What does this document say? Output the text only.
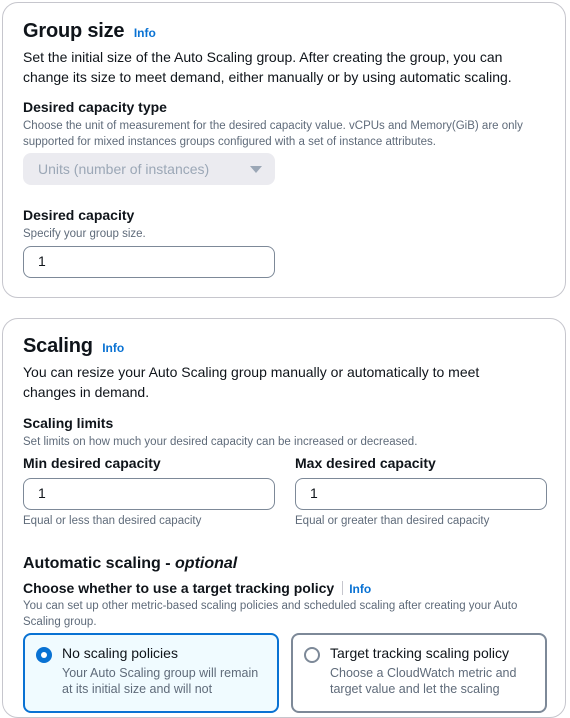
Group size Info
Set the initial size of the Auto Scaling group. After creating the group, you can change its size to meet demand, either manually or by using automatic scaling.
Desired capacity type
Choose the unit of measurement for the desired capacity value. vCPUs and Memory(GiB) are only supported for mixed instances groups configured with a set of instance attributes.
Units (number of instances)
Desired capacity
Specify your group size.
1
Scaling Info
You can resize your Auto Scaling group manually or automatically to meet changes in demand.
Scaling limits
Set limits on how much your desired capacity can be increased or decreased.
Min desired capacity
1
Equal or less than desired capacity
Max desired capacity
1
Equal or greater than desired capacity
Automatic scaling - optional
Choose whether to use a target tracking policy Info
You can set up other metric-based scaling policies and scheduled scaling after creating your Auto Scaling group.
No scaling policies
Your Auto Scaling group will remain at its initial size and will not
Target tracking scaling policy
Choose a CloudWatch metric and target value and let the scaling
